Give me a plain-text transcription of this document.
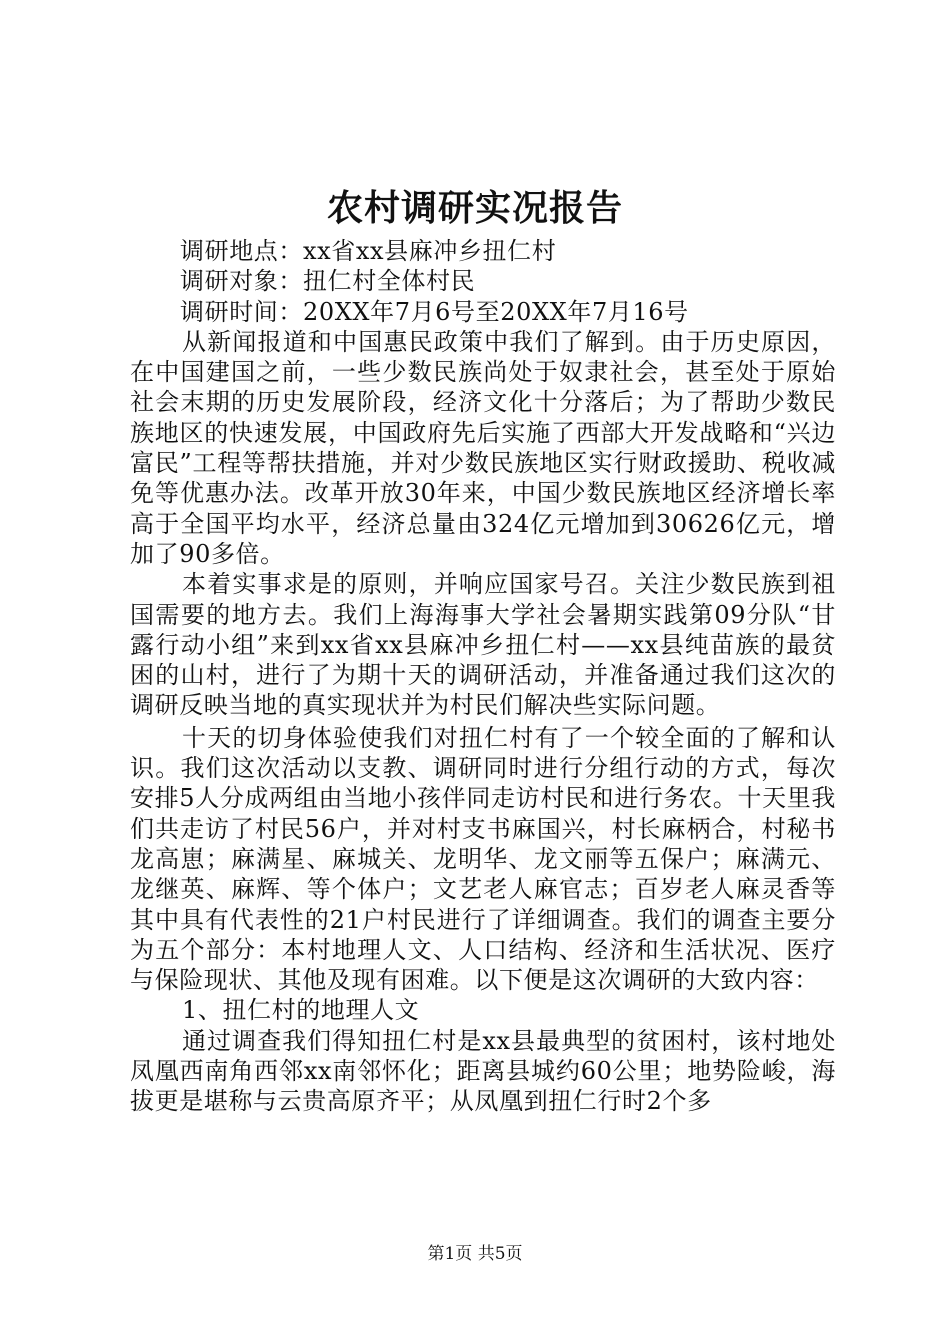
农村调研实况报告

调研地点：xx省xx县麻冲乡扭仁村

调研对象：扭仁村全体村民

调研时间：20XX年7月6号至20XX年7月16号

从新闻报道和中国惠民政策中我们了解到。由于历史原因，在中国建国之前，一些少数民族尚处于奴隶社会，甚至处于原始社会末期的历史发展阶段，经济文化十分落后；为了帮助少数民族地区的快速发展，中国政府先后实施了西部大开发战略和“兴边富民”工程等帮扶措施，并对少数民族地区实行财政援助、税收减免等优惠办法。改革开放30年来，中国少数民族地区经济增长率高于全国平均水平，经济总量由324亿元增加到30626亿元，增加了90多倍。

本着实事求是的原则，并响应国家号召。关注少数民族到祖国需要的地方去。我们上海海事大学社会暑期实践第09分队“甘露行动小组”来到xx省xx县麻冲乡扭仁村——xx县纯苗族的最贫困的山村，进行了为期十天的调研活动，并准备通过我们这次的调研反映当地的真实现状并为村民们解决些实际问题。

十天的切身体验使我们对扭仁村有了一个较全面的了解和认识。我们这次活动以支教、调研同时进行分组行动的方式，每次安排5人分成两组由当地小孩伴同走访村民和进行务农。十天里我们共走访了村民56户，并对村支书麻国兴，村长麻柄合，村秘书龙高崽；麻满星、麻城关、龙明华、龙文丽等五保户；麻满元、龙继英、麻辉、等个体户；文艺老人麻官志；百岁老人麻灵香等其中具有代表性的21户村民进行了详细调查。我们的调查主要分为五个部分：本村地理人文、人口结构、经济和生活状况、医疗与保险现状、其他及现有困难。以下便是这次调研的大致内容：

1、扭仁村的地理人文

通过调查我们得知扭仁村是xx县最典型的贫困村，该村地处凤凰西南角西邻xx南邻怀化；距离县城约60公里；地势险峻，海拔更是堪称与云贵高原齐平；从凤凰到扭仁行时2个多

第1页 共5页
